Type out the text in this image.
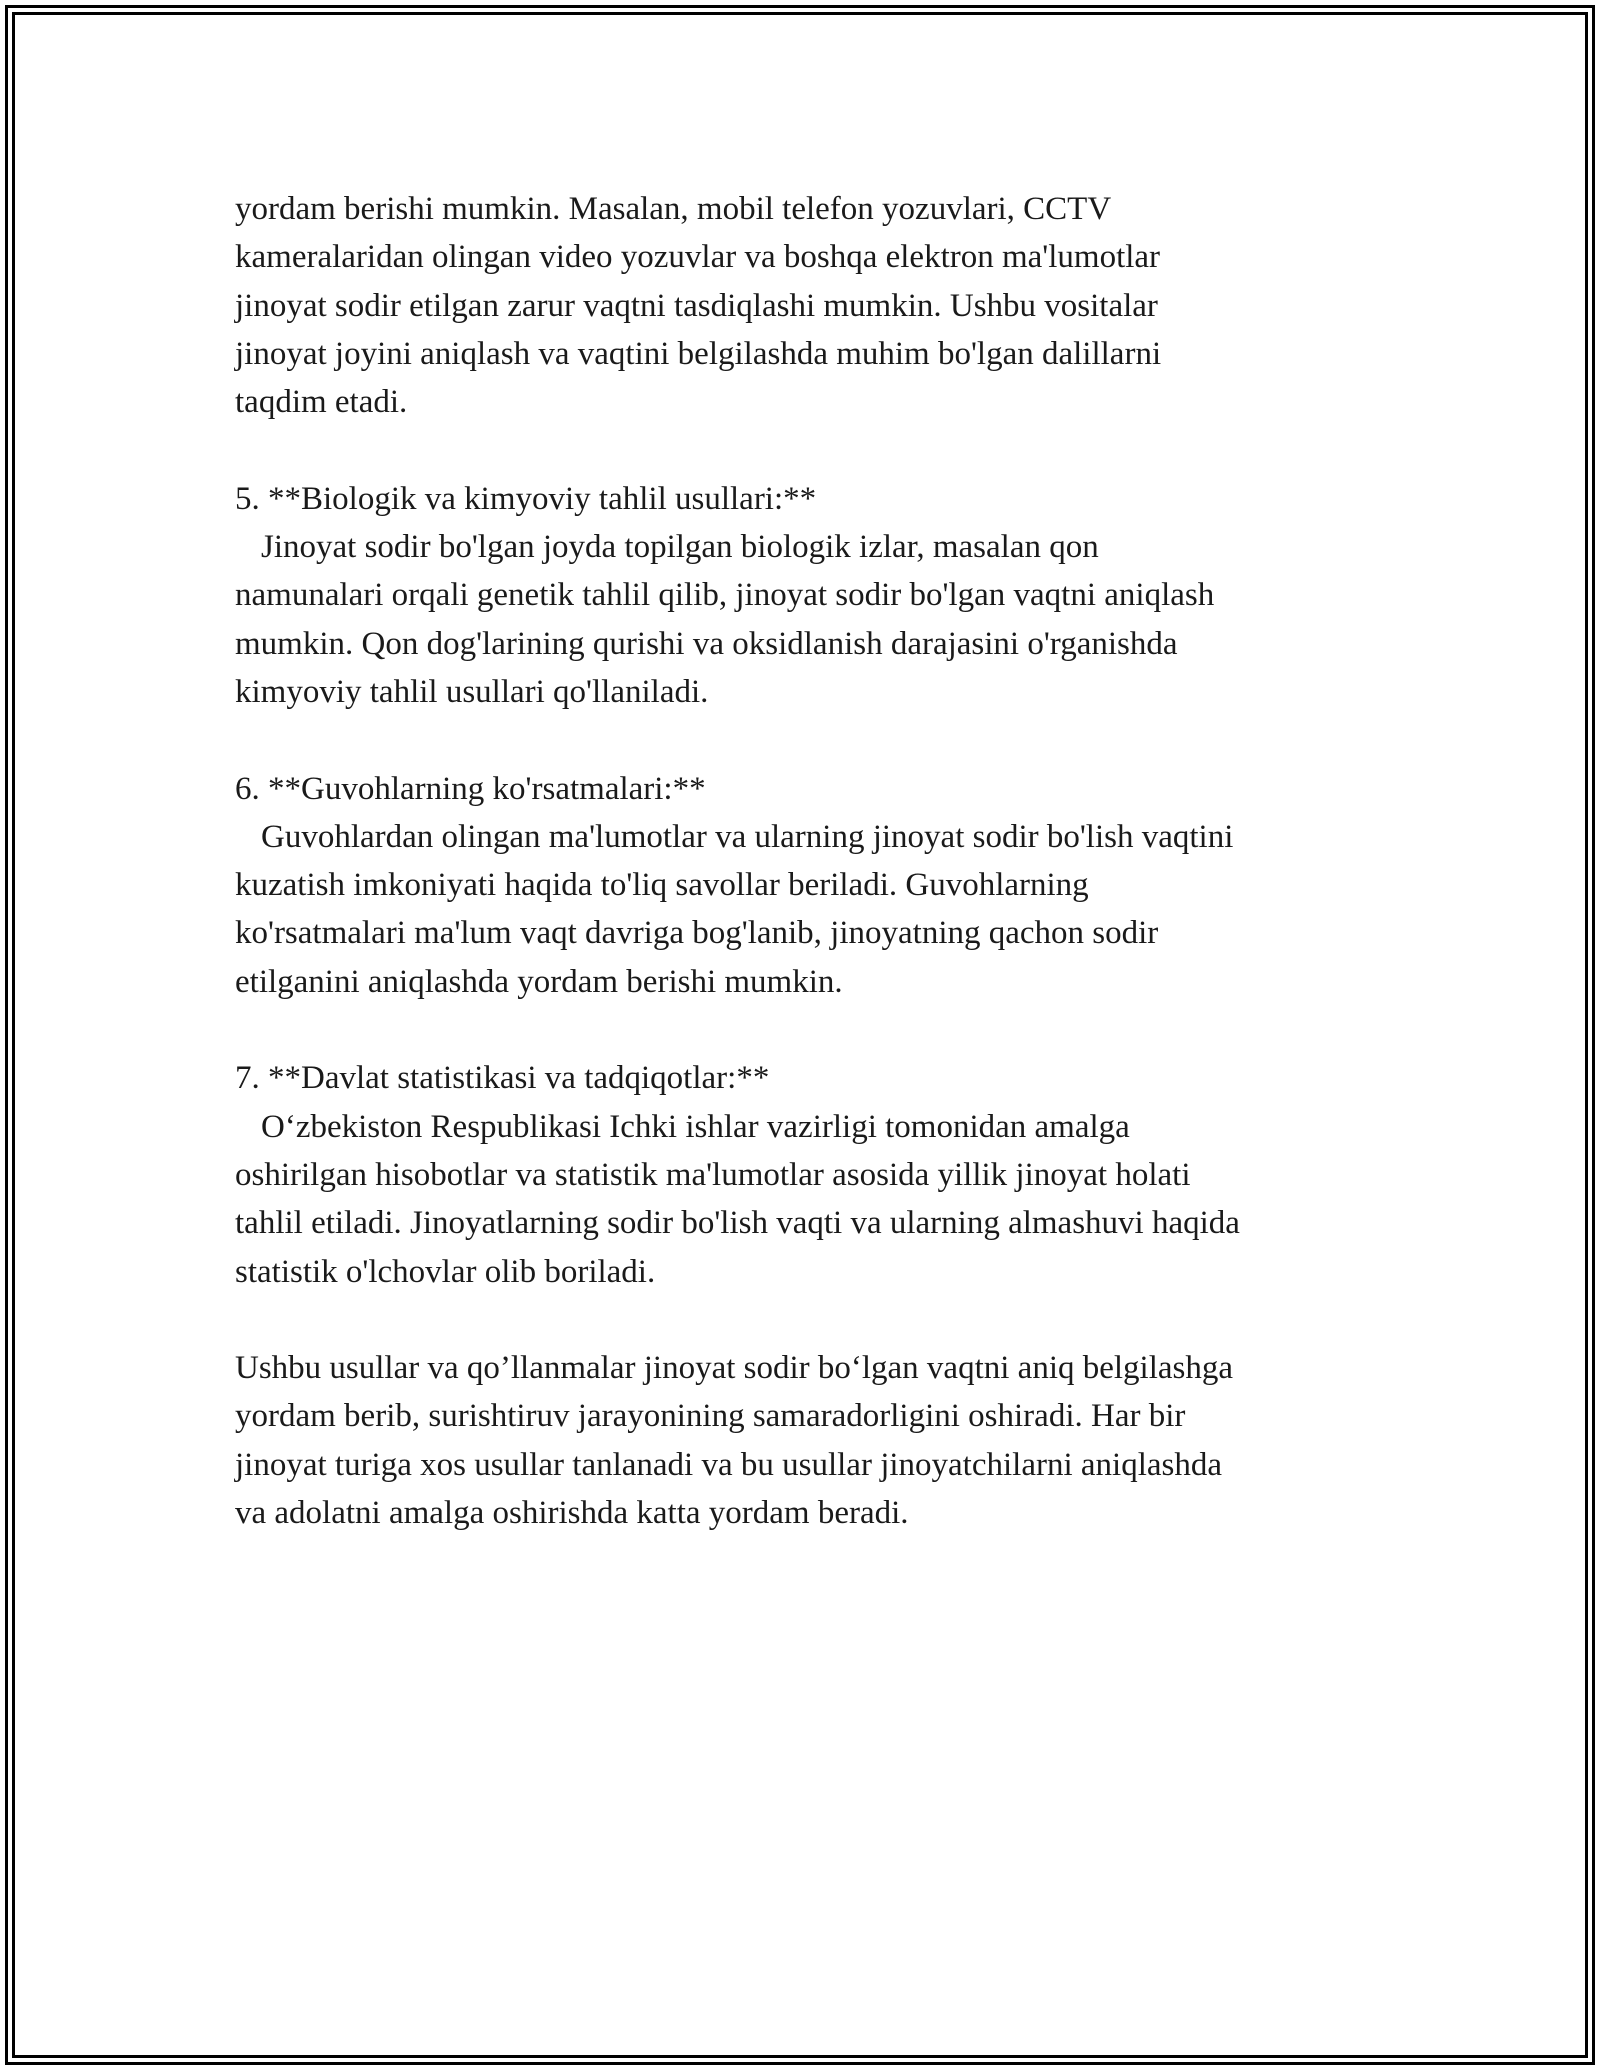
yordam berishi mumkin. Masalan, mobil telefon yozuvlari, CCTV

kameralaridan olingan video yozuvlar va boshqa elektron ma'lumotlar

jinoyat sodir etilgan zarur vaqtni tasdiqlashi mumkin. Ushbu vositalar

jinoyat joyini aniqlash va vaqtini belgilashda muhim bo'lgan dalillarni

taqdim etadi.

5. **Biologik va kimyoviy tahlil usullari:**

Jinoyat sodir bo'lgan joyda topilgan biologik izlar, masalan qon

namunalari orqali genetik tahlil qilib, jinoyat sodir bo'lgan vaqtni aniqlash

mumkin. Qon dog'larining qurishi va oksidlanish darajasini o'rganishda

kimyoviy tahlil usullari qo'llaniladi.

6. **Guvohlarning ko'rsatmalari:**

Guvohlardan olingan ma'lumotlar va ularning jinoyat sodir bo'lish vaqtini

kuzatish imkoniyati haqida to'liq savollar beriladi. Guvohlarning

ko'rsatmalari ma'lum vaqt davriga bog'lanib, jinoyatning qachon sodir

etilganini aniqlashda yordam berishi mumkin.

7. **Davlat statistikasi va tadqiqotlar:**

Oʻzbekiston Respublikasi Ichki ishlar vazirligi tomonidan amalga

oshirilgan hisobotlar va statistik ma'lumotlar asosida yillik jinoyat holati

tahlil etiladi. Jinoyatlarning sodir bo'lish vaqti va ularning almashuvi haqida

statistik o'lchovlar olib boriladi.

Ushbu usullar va qo’llanmalar jinoyat sodir boʻlgan vaqtni aniq belgilashga

yordam berib, surishtiruv jarayonining samaradorligini oshiradi. Har bir

jinoyat turiga xos usullar tanlanadi va bu usullar jinoyatchilarni aniqlashda

va adolatni amalga oshirishda katta yordam beradi.
